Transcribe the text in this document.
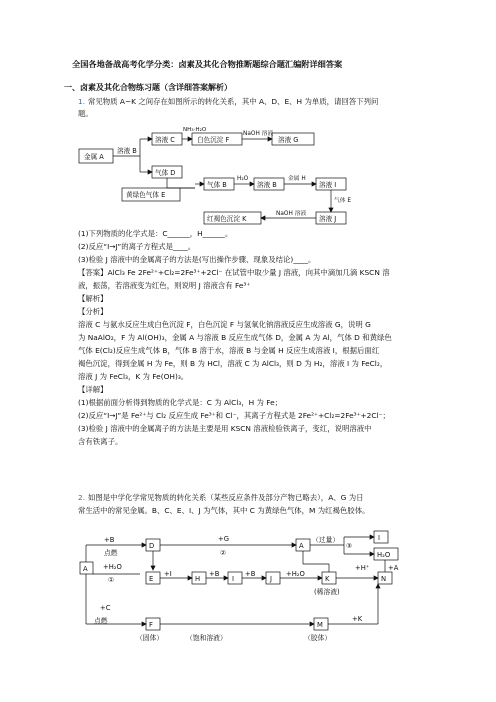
全国各地备战高考化学分类：卤素及其化合物推断题综合题汇编附详细答案
一、卤素及其化合物练习题（含详细答案解析）
1. 常见物质 A~K 之间存在如图所示的转化关系，其中 A、D、E、H 为单质，请回答下列问
题。
金属 A
溶液 B
溶液 C
NH₃·H₂O
白色沉淀 F
NaOH 溶液
溶液 G
气体 D
黄绿色气体 E
气体 B
H₂O
溶液 B
金属 H
溶液 I
气体 E
NaOH 溶液
溶液 J
红褐色沉淀 K
(1)下列物质的化学式是：C______，H______。
(2)反应“I→J”的离子方程式是____。
(3)检验 J 溶液中的金属离子的方法是(写出操作步骤、现象及结论)____。
【答案】AlCl₃ Fe 2Fe²⁺+Cl₂=2Fe³⁺+2Cl⁻ 在试管中取少量 J 溶液，向其中滴加几滴 KSCN 溶
液，振荡，若溶液变为红色，则说明 J 溶液含有 Fe³⁺
【解析】
【分析】
溶液 C 与氨水反应生成白色沉淀 F，白色沉淀 F 与氢氧化钠溶液反应生成溶液 G，说明 G
为 NaAlO₂，F 为 Al(OH)₃，金属 A 与溶液 B 反应生成气体 D，金属 A 为 Al，气体 D 和黄绿色
气体 E(Cl₂)反应生成气体 B，气体 B 溶于水，溶液 B 与金属 H 反应生成溶液 I，根据后面红
褐色沉淀，得到金属 H 为 Fe，则 B 为 HCl，溶液 C 为 AlCl₃，则 D 为 H₂，溶液 I 为 FeCl₂，
溶液 J 为 FeCl₃，K 为 Fe(OH)₃。
【详解】
(1)根据前面分析得到物质的化学式是：C 为 AlCl₃，H 为 Fe；
(2)反应“I→J”是 Fe²⁺与 Cl₂ 反应生成 Fe³⁺和 Cl⁻，其离子方程式是 2Fe²⁺+Cl₂=2Fe³⁺+2Cl⁻；
(3)检验 J 溶液中的金属离子的方法是主要是用 KSCN 溶液检验铁离子，变红，说明溶液中
含有铁离子。
2. 如图是中学化学常见物质的转化关系（某些反应条件及部分产物已略去），A、G 为日
常生活中的常见金属。B、C、E、I、J 为气体，其中 C 为黄绿色气体，M 为红褐色胶体。
+B
点燃
A
D
+G
②
A
（过量）
③
I
H₂O
+H₂O
①	E
+I
H
+B
I
+B
J
+H₂O
K
(稀溶液)
+H⁺	+A
N
+C
点燃	F
（固体）	（饱和溶液）
M
（胶体）
+K
